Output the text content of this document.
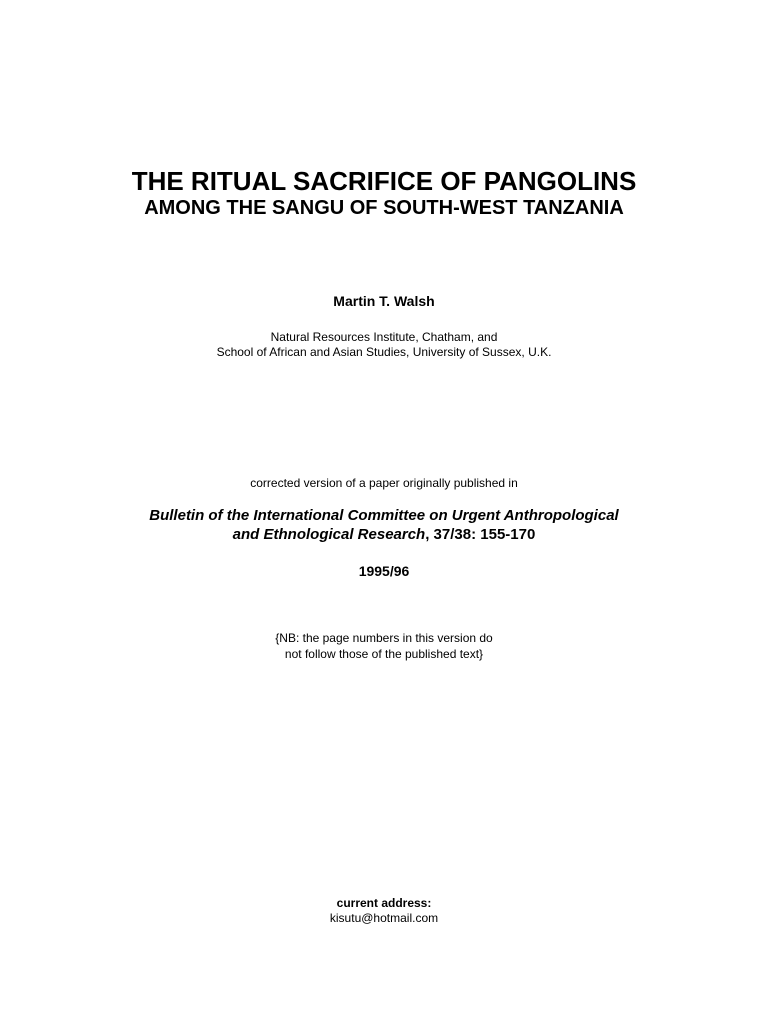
THE RITUAL SACRIFICE OF PANGOLINS
AMONG THE SANGU OF SOUTH-WEST TANZANIA
Martin T. Walsh
Natural Resources Institute, Chatham, and
School of African and Asian Studies, University of Sussex, U.K.
corrected version of a paper originally published in
Bulletin of the International Committee on Urgent Anthropological
and Ethnological Research, 37/38: 155-170
1995/96
{NB: the page numbers in this version do
not follow those of the published text}
current address:
kisutu@hotmail.com
